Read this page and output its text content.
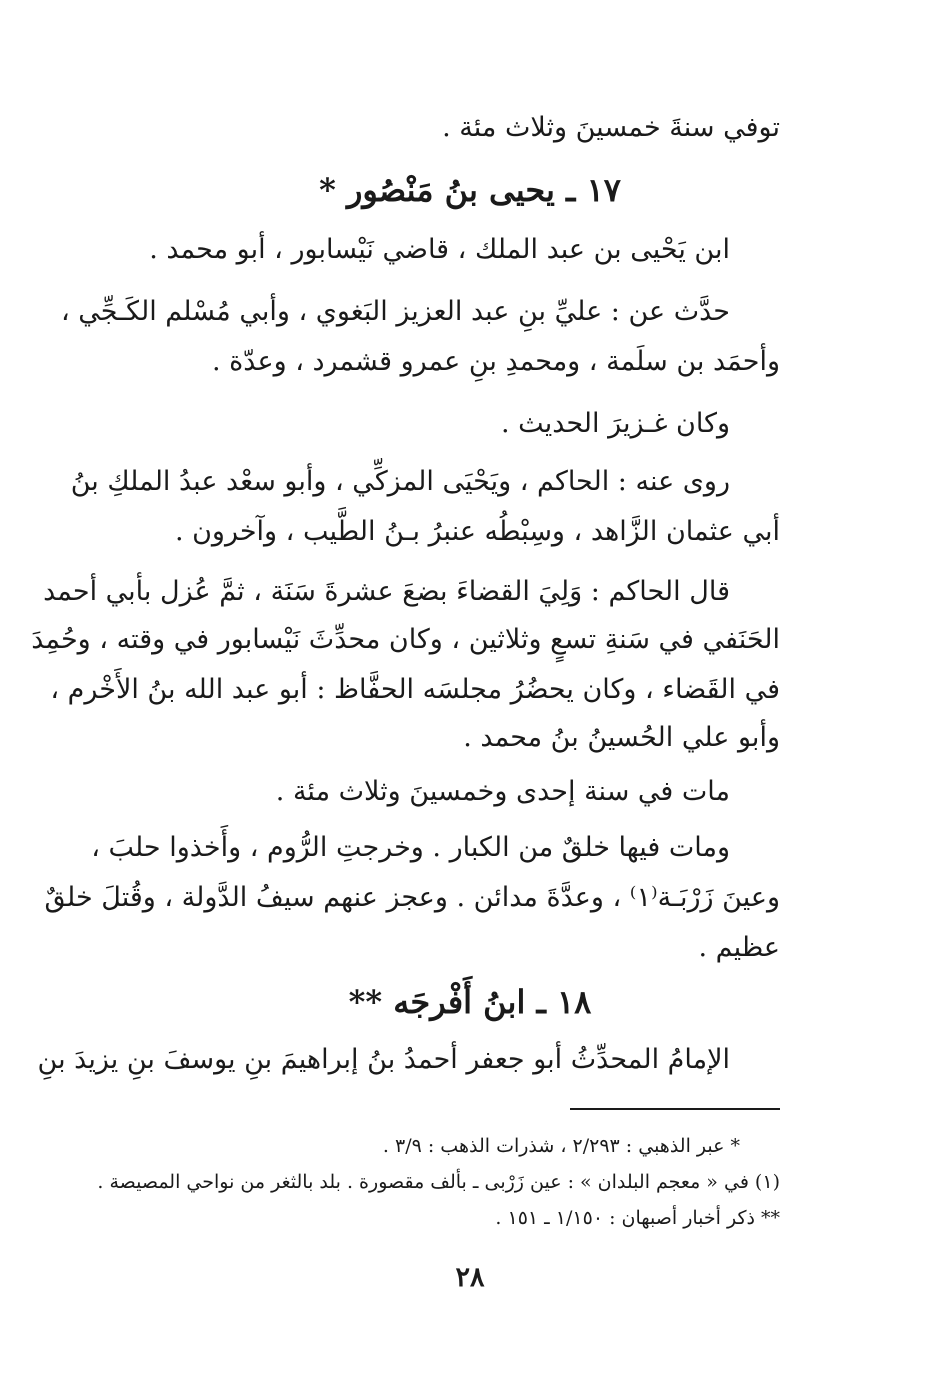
توفي سنةَ خمسينَ وثلاث مئة .
١٧ ـ يحيى بنُ مَنْصُور *
ابن يَحْيى بن عبد الملك ، قاضي نَيْسابور ، أبو محمد .
حدَّث عن : عليِّ بنِ عبد العزيز البَغوي ، وأبي مُسْلم الكَـجِّي ،
وأحمَد بن سلَمة ، ومحمدِ بنِ عمرو قشمرد ، وعدّة .
وكان غـزيرَ الحديث .
روى عنه : الحاكم ، ويَحْيَى المزكِّي ، وأبو سعْد عبدُ الملكِ بنُ
أبي عثمان الزَّاهد ، وسِبْطُه عنبرُ بـنُ الطَّيب ، وآخرون .
قال الحاكم : وَلِيَ القضاءَ بضعَ عشرةَ سَنَة ، ثمَّ عُزل بأبي أحمد
الحَنَفي في سَنةِ تسعٍ وثلاثين ، وكان محدِّثَ نَيْسابور في وقته ، وحُمِدَ
في القَضاء ، وكان يحضُرُ مجلسَه الحفَّاظ : أبو عبد الله بنُ الأَخْرم ،
وأبو علي الحُسينُ بنُ محمد .
مات في سنة إحدى وخمسينَ وثلاث مئة .
ومات فيها خلقٌ من الكبار . وخرجتِ الرُّوم ، وأَخذوا حلبَ ،
وعينَ زَرْبَـة⁽١⁾ ، وعدَّةَ مدائن . وعجز عنهم سيفُ الدَّولة ، وقُتلَ خلقٌ
عظيم .
١٨ ـ ابنُ أَفْرجَه **
الإمامُ المحدِّثُ أبو جعفر أحمدُ بنُ إبراهيمَ بنِ يوسفَ بنِ يزيدَ بنِ
* عبر الذهبي : ٢/٢٩٣ ، شذرات الذهب : ٣/٩ .
(١) في « معجم البلدان » : عين زَرْبى ـ بألف مقصورة . بلد بالثغر من نواحي المصيصة .
** ذكر أخبار أصبهان : ١/١٥٠ ـ ١٥١ .
٢٨
